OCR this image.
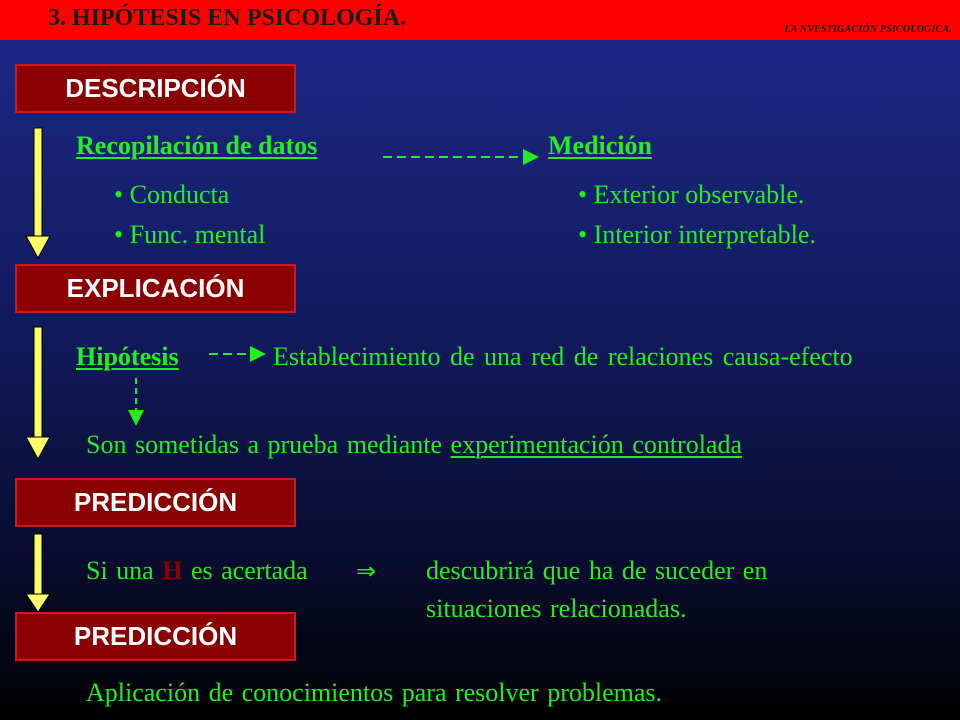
3. HIPÓTESIS EN PSICOLOGÍA.	LA NVESTIGACIÓN PSICOLÓGICA.
DESCRIPCIÓN
Recopilación de datos	Medición
• Conducta
• Func. mental
• Exterior observable.
• Interior interpretable.
EXPLICACIÓN
Hipótesis	Establecimiento de una red de relaciones causa-efecto
Son sometidas a prueba mediante experimentación controlada
PREDICCIÓN
Si una H es acertada ⇒ descubrirá que ha de suceder en
situaciones relacionadas.
PREDICCIÓN
Aplicación de conocimientos para resolver problemas.
